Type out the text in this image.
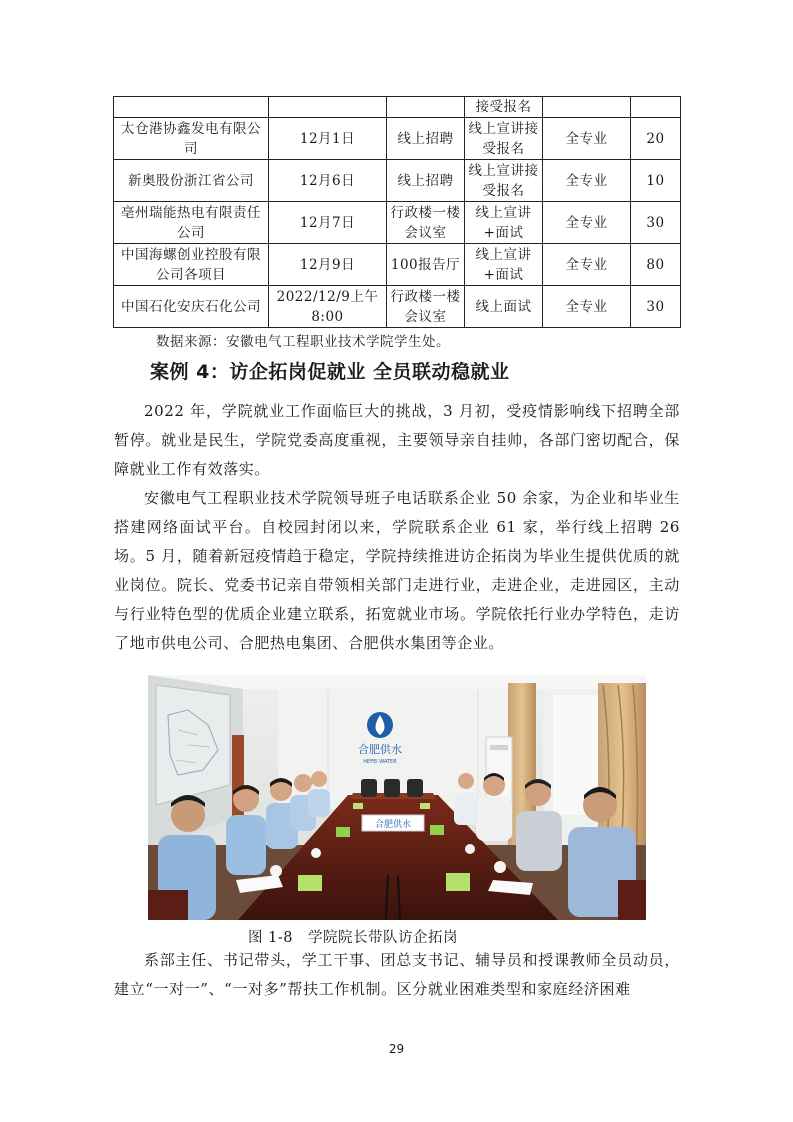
			接受报名		
太仓港协鑫发电有限公司	12月1日	线上招聘	线上宣讲接受报名	全专业	20
新奥股份浙江省公司	12月6日	线上招聘	线上宣讲接受报名	全专业	10
亳州瑞能热电有限责任公司	12月7日	行政楼一楼会议室	线上宣讲+面试	全专业	30
中国海螺创业控股有限公司各项目	12月9日	100报告厅	线上宣讲+面试	全专业	80
中国石化安庆石化公司	2022/12/9上午8:00	行政楼一楼会议室	线上面试	全专业	30
数据来源：安徽电气工程职业技术学院学生处。
案例 4：访企拓岗促就业 全员联动稳就业

2022 年，学院就业工作面临巨大的挑战，3 月初，受疫情影响线下招聘全部暂停。就业是民生，学院党委高度重视，主要领导亲自挂帅，各部门密切配合，保障就业工作有效落实。

安徽电气工程职业技术学院领导班子电话联系企业 50 余家，为企业和毕业生搭建网络面试平台。自校园封闭以来，学院联系企业 61 家，举行线上招聘 26 场。5 月，随着新冠疫情趋于稳定，学院持续推进访企拓岗为毕业生提供优质的就业岗位。院长、党委书记亲自带领相关部门走进行业，走进企业，走进园区，主动与行业特色型的优质企业建立联系，拓宽就业市场。学院依托行业办学特色，走访了地市供电公司、合肥热电集团、合肥供水集团等企业。

合肥供水
HEFEI WATER
合肥供水
图 1-8　学院院长带队访企拓岗

系部主任、书记带头，学工干事、团总支书记、辅导员和授课教师全员动员，建立“一对一”、“一对多”帮扶工作机制。区分就业困难类型和家庭经济困难

29
